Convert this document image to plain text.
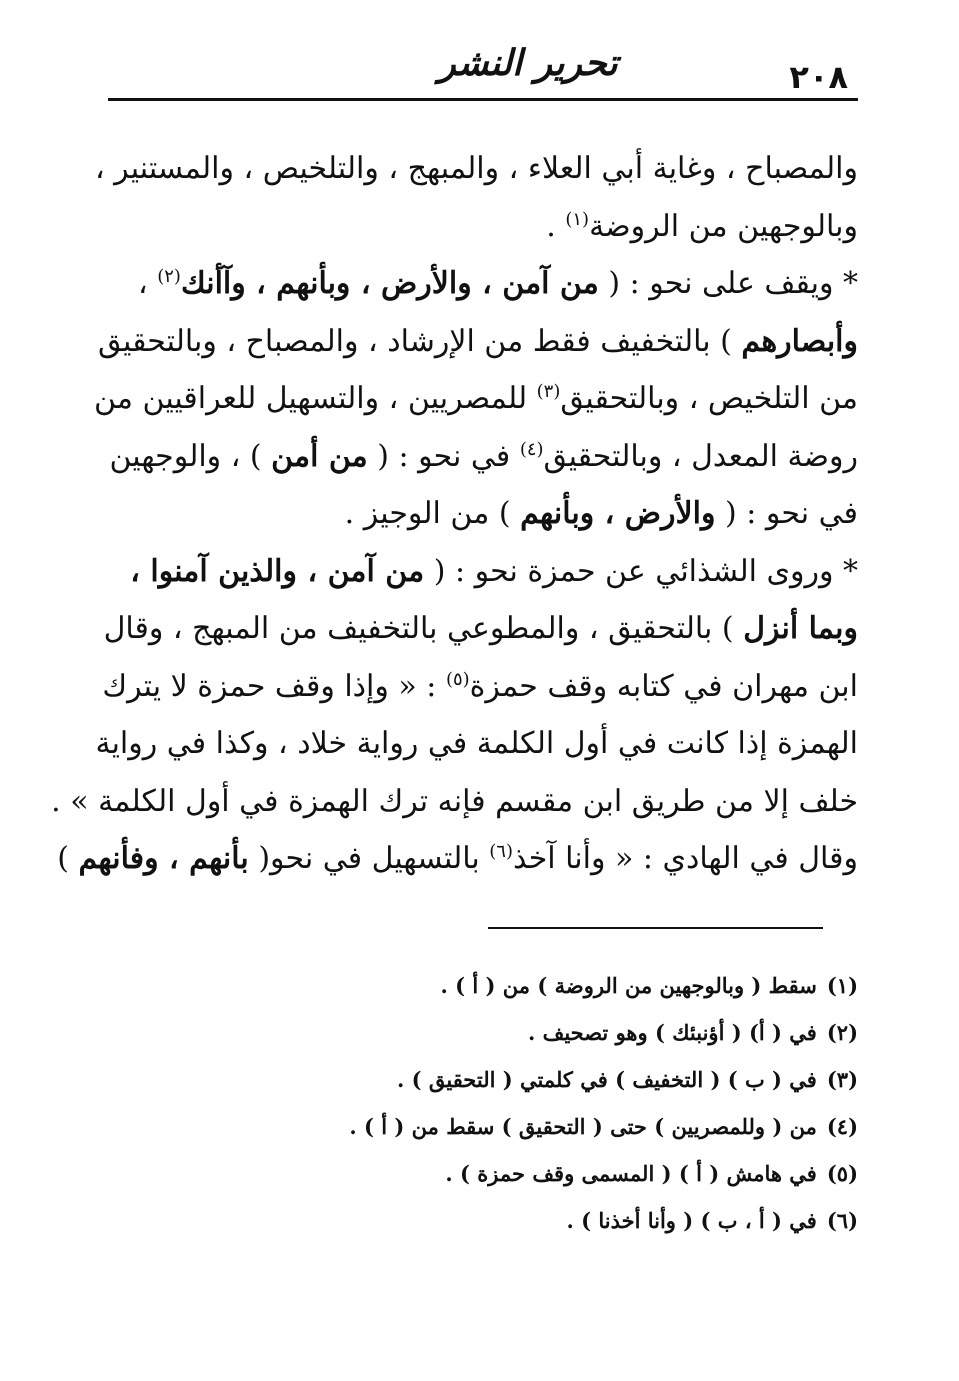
٢٠٨
تحرير النشر
والمصباح ، وغاية أبي العلاء ، والمبهج ، والتلخيص ، والمستنير ،
وبالوجهين من الروضة$^{(١)}$ .
* ويقف على نحو : ( من آمن ، والأرض ، وبأنهم ، وآأنك$^{(٢)}$ ،
وأبصارهم ) بالتخفيف فقط من الإرشاد ، والمصباح ، وبالتحقيق
من التلخيص ، وبالتحقيق$^{(٣)}$ للمصريين ، والتسهيل للعراقيين من
روضة المعدل ، وبالتحقيق$^{(٤)}$ في نحو : ( من أمن ) ، والوجهين
في نحو : ( والأرض ، وبأنهم ) من الوجيز .
* وروى الشذائي عن حمزة نحو : ( من آمن ، والذين آمنوا ،
وبما أنزل ) بالتحقيق ، والمطوعي بالتخفيف من المبهج ، وقال
ابن مهران في كتابه وقف حمزة$^{(٥)}$ : « وإذا وقف حمزة لا يترك
الهمزة إذا كانت في أول الكلمة في رواية خلاد ، وكذا في رواية
خلف إلا من طريق ابن مقسم فإنه ترك الهمزة في أول الكلمة » .
وقال في الهادي : « وأنا آخذ$^{(٦)}$ بالتسهيل في نحو( بأنهم ، وفأنهم )
(١)سقط ( وبالوجهين من الروضة ) من ( أ ) .
(٢)في ( أ) ( أؤنبئك ) وهو تصحيف .
(٣)في ( ب ) ( التخفيف ) في كلمتي ( التحقيق ) .
(٤)من ( وللمصريين ) حتى ( التحقيق ) سقط من ( أ ) .
(٥)في هامش ( أ ) ( المسمى وقف حمزة ) .
(٦)في ( أ ، ب ) ( وأنا أخذنا ) .
